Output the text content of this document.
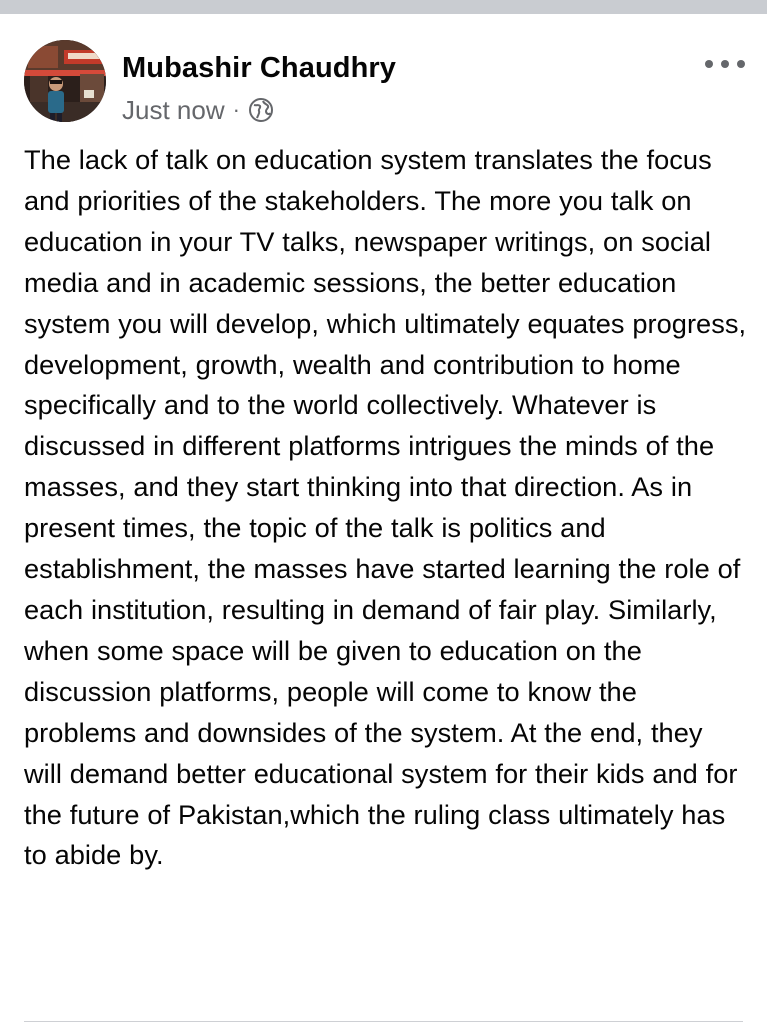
Mubashir Chaudhry
Just now ·

The lack of talk on education system translates the focus and priorities of the stakeholders. The more you talk on education in your TV talks, newspaper writings, on social media and in academic sessions, the better education system you will develop, which ultimately equates progress, development, growth, wealth and contribution to home specifically and to the world collectively. Whatever is discussed in different platforms intrigues the minds of the masses, and they start thinking into that direction. As in present times, the topic of the talk is politics and establishment, the masses have started learning the role of each institution, resulting in demand of fair play. Similarly, when some space will be given to education on the discussion platforms, people will come to know the problems and downsides of the system. At the end, they will demand better educational system for their kids and for the future of Pakistan,which the ruling class ultimately has to abide by.
